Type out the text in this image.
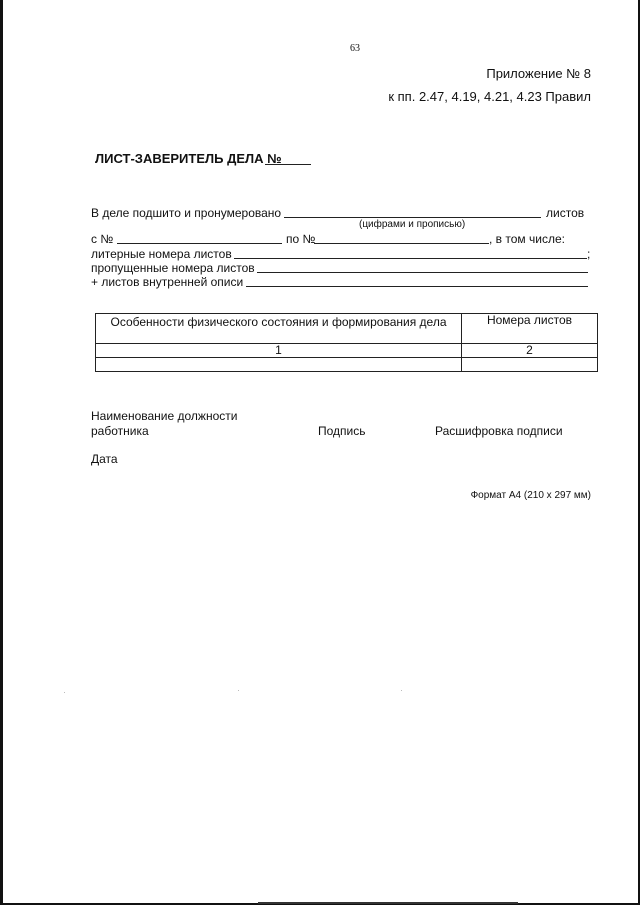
63
Приложение № 8
к пп. 2.47, 4.19, 4.21, 4.23 Правил
ЛИСТ-ЗАВЕРИТЕЛЬ ДЕЛА №
В деле подшито и пронумеровано	листов
(цифрами и прописью)
с №	по №	, в том числе:
литерные номера листов	;
пропущенные номера листов
+ листов внутренней описи
Особенности физического состояния и формирования дела	Номера листов
1	2

Наименование должности
работника	Подпись	Расшифровка подписи
Дата
Формат А4 (210 х 297 мм)
